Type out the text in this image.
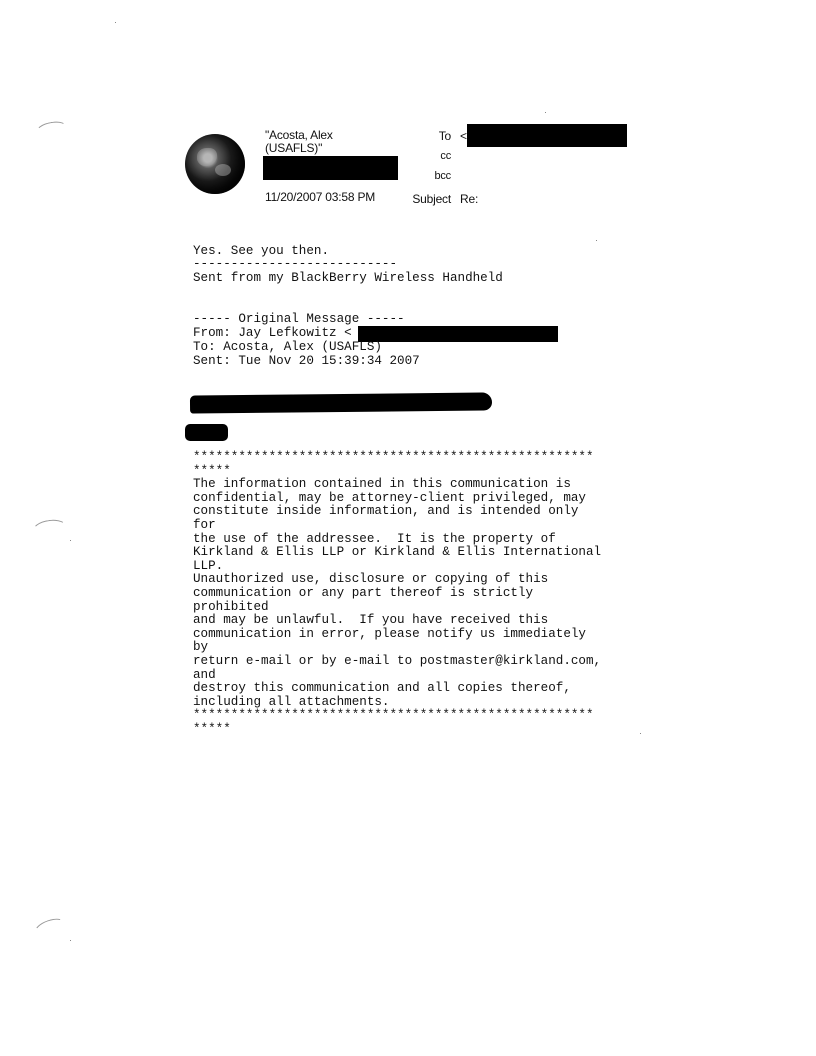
"Acosta, Alex (USAFLS)"
11/20/2007 03:58 PM
To <
cc
bcc
Subject Re:
Yes. See you then.
---------------------------
Sent from my BlackBerry Wireless Handheld
----- Original Message -----
From: Jay Lefkowitz <
To: Acosta, Alex (USAFLS)
Sent: Tue Nov 20 15:39:34 2007
*****************************************************
*****
The information contained in this communication is
confidential, may be attorney-client privileged, may
constitute inside information, and is intended only
for
the use of the addressee.  It is the property of
Kirkland & Ellis LLP or Kirkland & Ellis International
LLP.
Unauthorized use, disclosure or copying of this
communication or any part thereof is strictly
prohibited
and may be unlawful.  If you have received this
communication in error, please notify us immediately
by
return e-mail or by e-mail to postmaster@kirkland.com,
and
destroy this communication and all copies thereof,
including all attachments.
*****************************************************
*****
